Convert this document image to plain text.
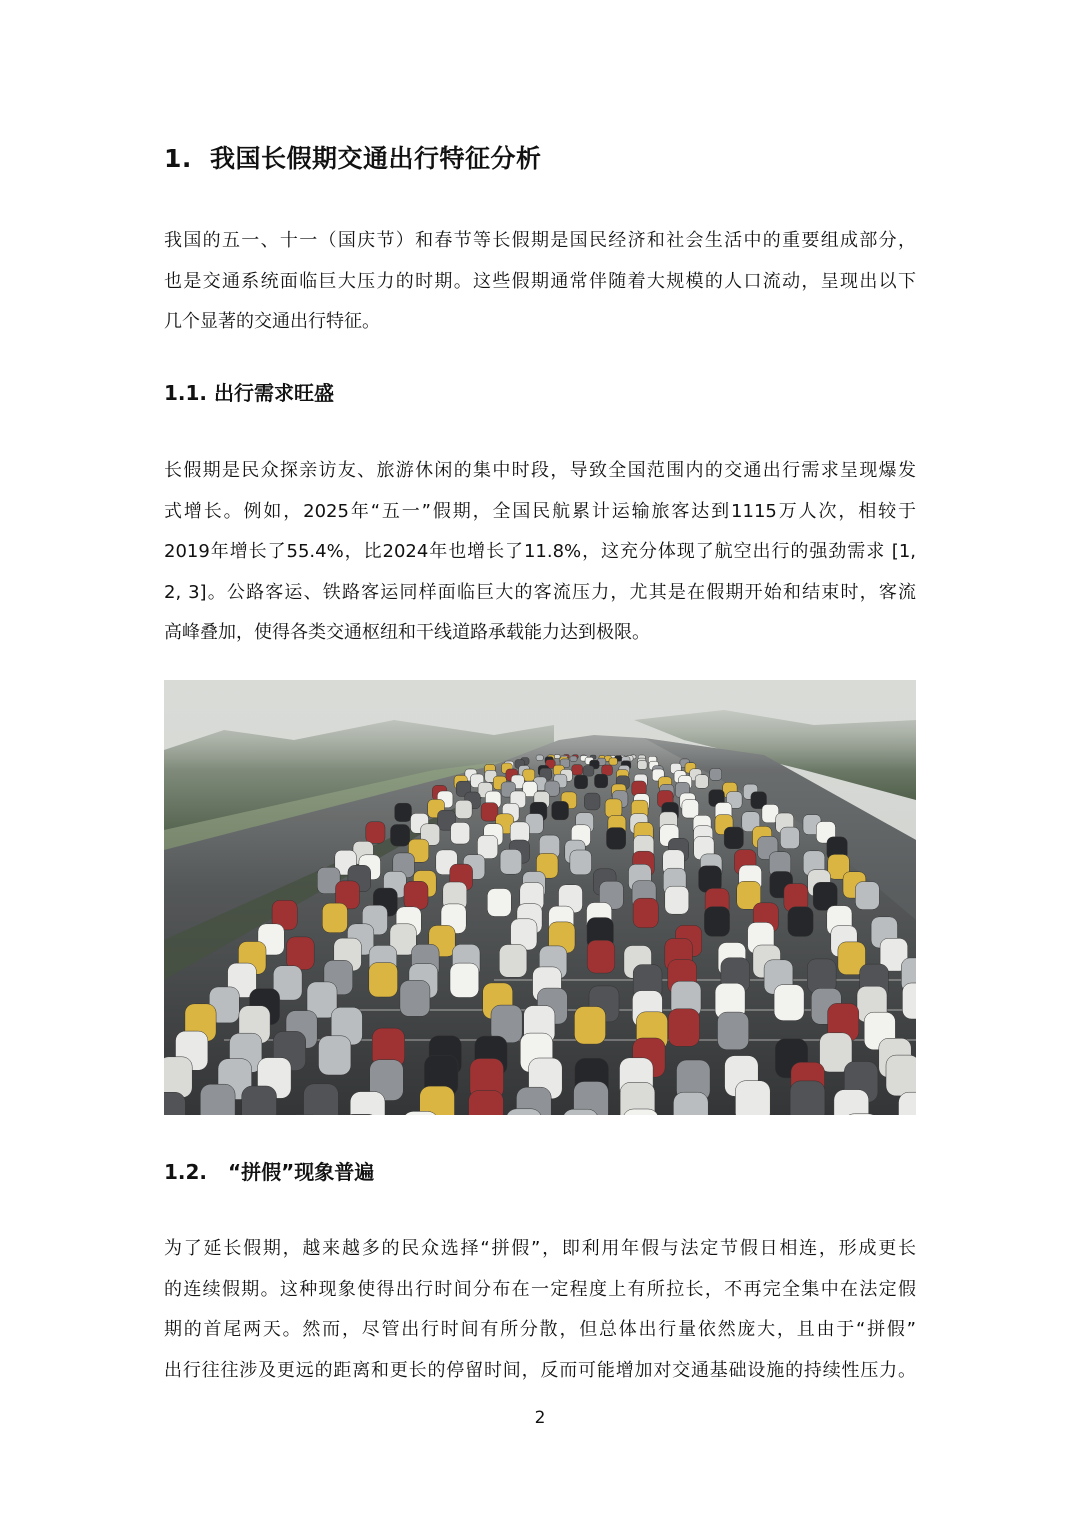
1. 我国长假期交通出行特征分析
我国的五一、十一（国庆节）和春节等长假期是国民经济和社会生活中的重要组成部分，
也是交通系统面临巨大压力的时期。这些假期通常伴随着大规模的人口流动，呈现出以下
几个显著的交通出行特征。
1.1. 出行需求旺盛
长假期是民众探亲访友、旅游休闲的集中时段，导致全国范围内的交通出行需求呈现爆发
式增长。例如，2025年“五一”假期，全国民航累计运输旅客达到1115万人次，相较于
2019年增长了55.4%，比2024年也增长了11.8%，这充分体现了航空出行的强劲需求 [1,
2, 3]。公路客运、铁路客运同样面临巨大的客流压力，尤其是在假期开始和结束时，客流
高峰叠加，使得各类交通枢纽和干线道路承载能力达到极限。
1.2. “拼假”现象普遍
为了延长假期，越来越多的民众选择“拼假”，即利用年假与法定节假日相连，形成更长
的连续假期。这种现象使得出行时间分布在一定程度上有所拉长，不再完全集中在法定假
期的首尾两天。然而，尽管出行时间有所分散，但总体出行量依然庞大，且由于“拼假”
出行往往涉及更远的距离和更长的停留时间，反而可能增加对交通基础设施的持续性压力。
2
